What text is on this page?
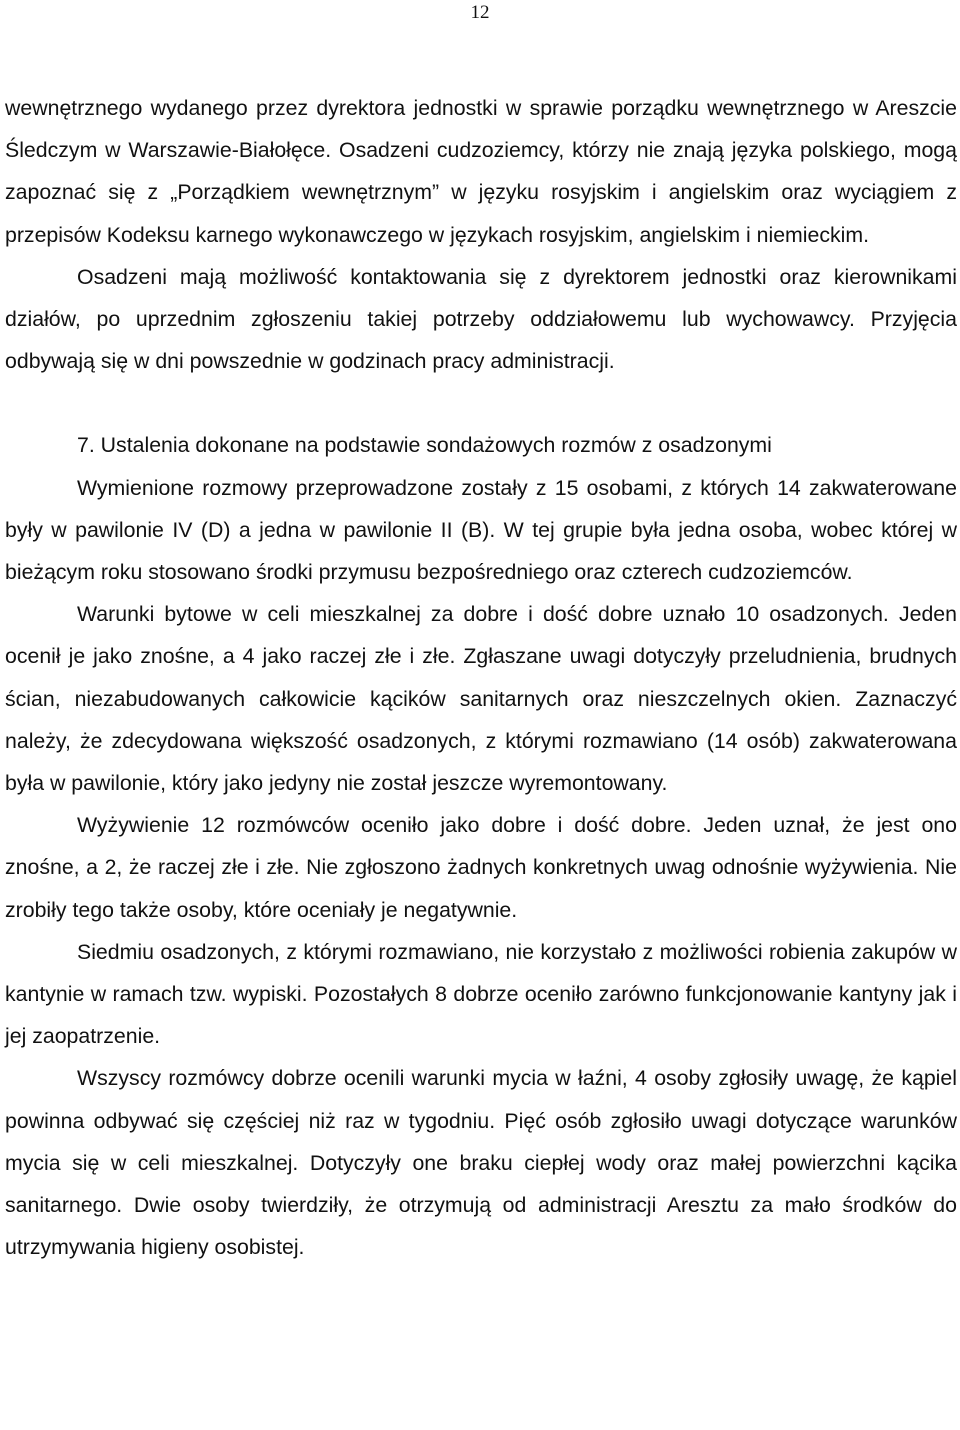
12

wewnętrznego wydanego przez dyrektora jednostki w sprawie porządku wewnętrznego w Areszcie Śledczym w Warszawie-Białołęce. Osadzeni cudzoziemcy, którzy nie znają języka polskiego, mogą zapoznać się z „Porządkiem wewnętrznym” w języku rosyjskim i angielskim oraz wyciągiem z przepisów Kodeksu karnego wykonawczego w językach rosyjskim, angielskim i niemieckim.

Osadzeni mają możliwość kontaktowania się z dyrektorem jednostki oraz kierownikami działów, po uprzednim zgłoszeniu takiej potrzeby oddziałowemu lub wychowawcy. Przyjęcia odbywają się w dni powszednie w godzinach pracy administracji.

7. Ustalenia dokonane na podstawie sondażowych rozmów z osadzonymi

Wymienione rozmowy przeprowadzone zostały z 15 osobami, z których 14 zakwaterowane były w pawilonie IV (D) a jedna w pawilonie II (B). W tej grupie była jedna osoba, wobec której w bieżącym roku stosowano środki przymusu bezpośredniego oraz czterech cudzoziemców.

Warunki bytowe w celi mieszkalnej za dobre i dość dobre uznało 10 osadzonych. Jeden ocenił je jako znośne, a 4 jako raczej złe i złe. Zgłaszane uwagi dotyczyły przeludnienia, brudnych ścian, niezabudowanych całkowicie kącików sanitarnych oraz nieszczelnych okien. Zaznaczyć należy, że zdecydowana większość osadzonych, z którymi rozmawiano (14 osób) zakwaterowana była w pawilonie, który jako jedyny nie został jeszcze wyremontowany.

Wyżywienie 12 rozmówców oceniło jako dobre i dość dobre. Jeden uznał, że jest ono znośne, a 2, że raczej złe i złe. Nie zgłoszono żadnych konkretnych uwag odnośnie wyżywienia. Nie zrobiły tego także osoby, które oceniały je negatywnie.

Siedmiu osadzonych, z którymi rozmawiano, nie korzystało z możliwości robienia zakupów w kantynie w ramach tzw. wypiski. Pozostałych 8 dobrze oceniło zarówno funkcjonowanie kantyny jak i jej zaopatrzenie.

Wszyscy rozmówcy dobrze ocenili warunki mycia w łaźni, 4 osoby zgłosiły uwagę, że kąpiel powinna odbywać się częściej niż raz w tygodniu. Pięć osób zgłosiło uwagi dotyczące warunków mycia się w celi mieszkalnej. Dotyczyły one braku ciepłej wody oraz małej powierzchni kącika sanitarnego. Dwie osoby twierdziły, że otrzymują od administracji Aresztu za mało środków do utrzymywania higieny osobistej.
